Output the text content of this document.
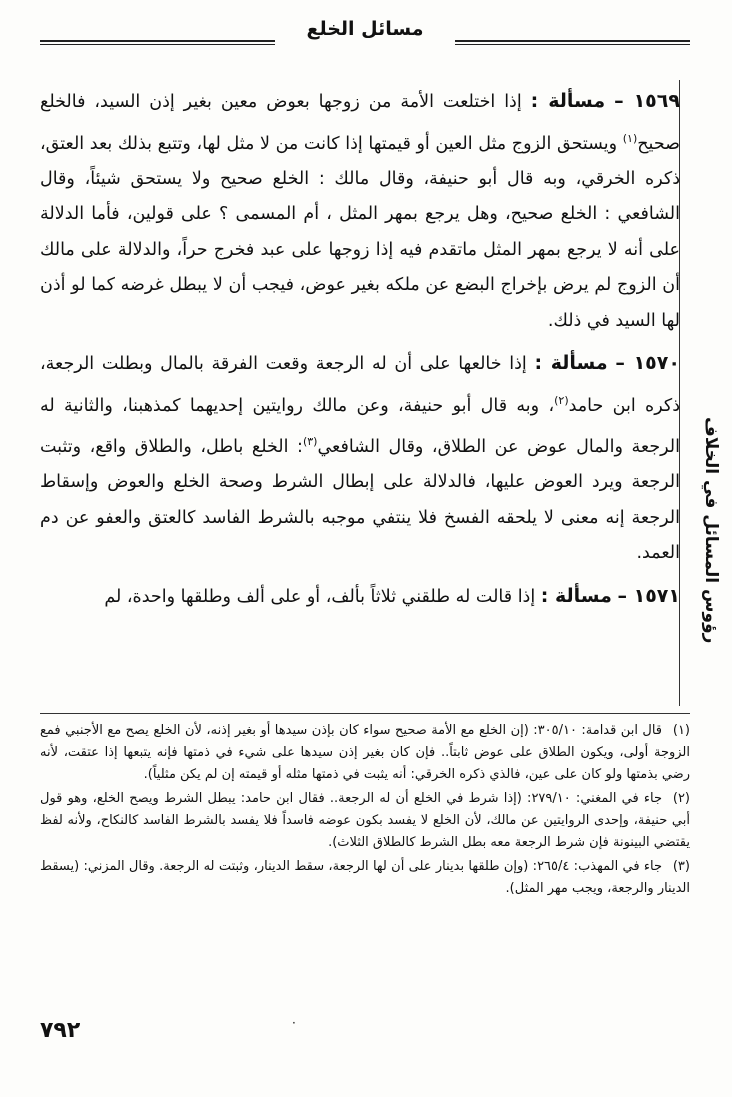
مسائل الخلع
رؤوس المسائل في الخلاف

١٥٦٩ – مسألة : إذا اختلعت الأمة من زوجها بعوض معين بغير إذن السيد، فالخلع صحيح$^{(١)}$ ويستحق الزوج مثل العين أو قيمتها إذا كانت من لا مثل لها، وتتبع بذلك بعد العتق، ذكره الخرقي، وبه قال أبو حنيفة، وقال مالك : الخلع صحيح ولا يستحق شيئاً، وقال الشافعي : الخلع صحيح، وهل يرجع بمهر المثل ، أم المسمى ؟ على قولين، فأما الدلالة على أنه لا يرجع بمهر المثل ماتقدم فيه إذا زوجها على عبد فخرج حراً، والدلالة على مالك أن الزوج لم يرض بإخراج البضع عن ملكه بغير عوض، فيجب أن لا يبطل غرضه كما لو أذن لها السيد في ذلك.

١٥٧٠ – مسألة : إذا خالعها على أن له الرجعة وقعت الفرقة بالمال وبطلت الرجعة، ذكره ابن حامد$^{(٢)}$، وبه قال أبو حنيفة، وعن مالك روايتين إحديهما كمذهبنا، والثانية له الرجعة والمال عوض عن الطلاق، وقال الشافعي$^{(٣)}$: الخلع باطل، والطلاق واقع، وتثبت الرجعة ويرد العوض عليها، فالدلالة على إبطال الشرط وصحة الخلع والعوض وإسقاط الرجعة إنه معنى لا يلحقه الفسخ فلا ينتفي موجبه بالشرط الفاسد كالعتق والعفو عن دم العمد.

١٥٧١ – مسألة : إذا قالت له طلقني ثلاثاً بألف، أو على ألف وطلقها واحدة، لم

(١)قال ابن قدامة: ٣٠٥/١٠: (إن الخلع مع الأمة صحيح سواء كان بإذن سيدها أو بغير إذنه، لأن الخلع يصح مع الأجنبي فمع الزوجة أولى، ويكون الطلاق على عوض ثابتاً.. فإن كان بغير إذن سيدها على شيء في ذمتها فإنه يتبعها إذا عتقت، لأنه رضي بذمتها ولو كان على عين، فالذي ذكره الخرقي: أنه يثبت في ذمتها مثله أو قيمته إن لم يكن مثلياً).

(٢)جاء في المغني: ٢٧٩/١٠: (إذا شرط في الخلع أن له الرجعة.. فقال ابن حامد: يبطل الشرط ويصح الخلع، وهو قول أبي حنيفة، وإحدى الروايتين عن مالك، لأن الخلع لا يفسد بكون عوضه فاسداً فلا يفسد بالشرط الفاسد كالنكاح، ولأنه لفظ يقتضي البينونة فإن شرط الرجعة معه بطل الشرط كالطلاق الثلاث).

(٣)جاء في المهذب: ٢٦٥/٤: (وإن طلقها بدينار على أن لها الرجعة، سقط الدينار، وثبتت له الرجعة. وقال المزني: (يسقط الدينار والرجعة، ويجب مهر المثل).

·
٧٩٢
